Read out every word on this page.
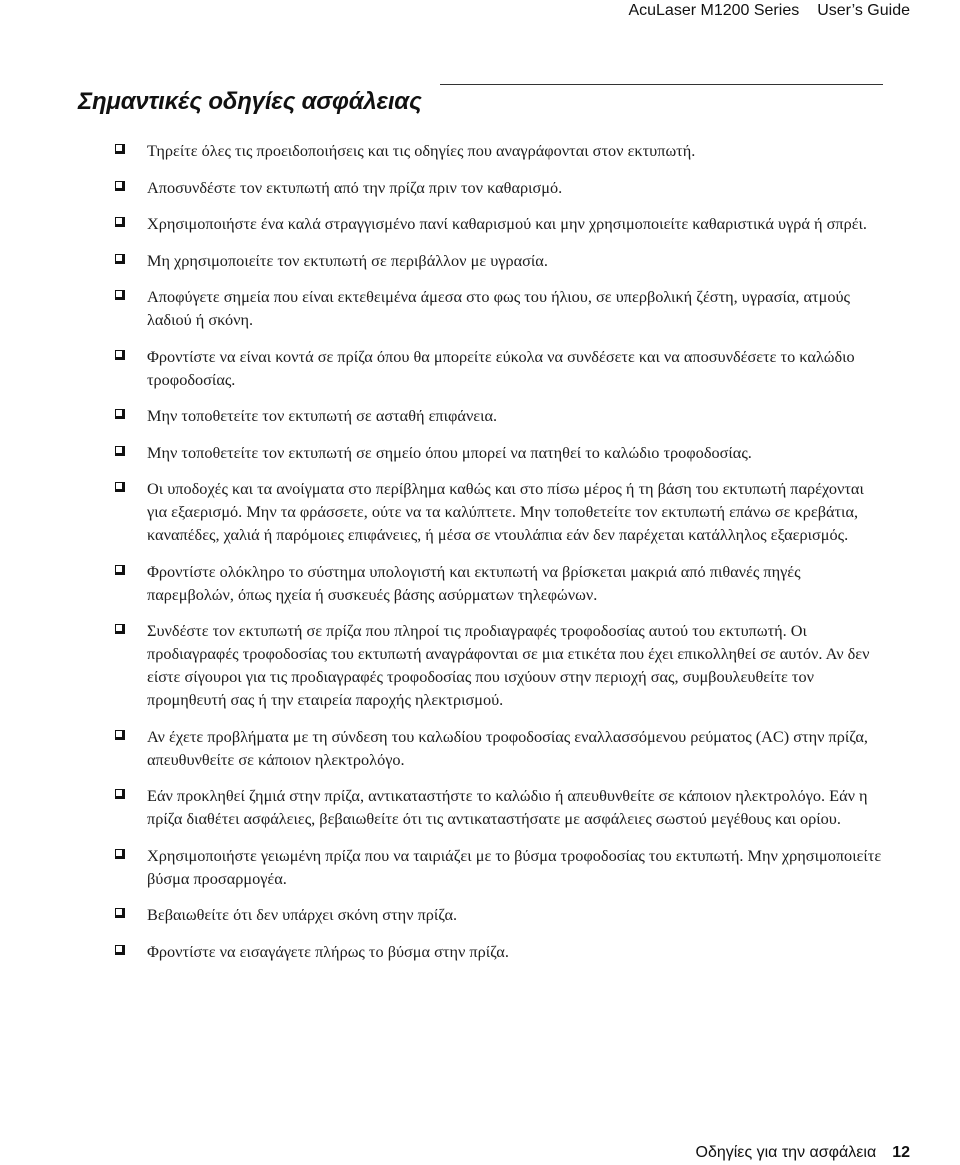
AcuLaser M1200 Series User’s Guide
Σημαντικές οδηγίες ασφάλειας
Τηρείτε όλες τις προειδοποιήσεις και τις οδηγίες που αναγράφονται στον εκτυπωτή.
Αποσυνδέστε τον εκτυπωτή από την πρίζα πριν τον καθαρισμό.
Χρησιμοποιήστε ένα καλά στραγγισμένο πανί καθαρισμού και μην χρησιμοποιείτε καθαριστικά υγρά ή σπρέι.
Μη χρησιμοποιείτε τον εκτυπωτή σε περιβάλλον με υγρασία.
Αποφύγετε σημεία που είναι εκτεθειμένα άμεσα στο φως του ήλιου, σε υπερβολική ζέστη, υγρασία, ατμούς λαδιού ή σκόνη.
Φροντίστε να είναι κοντά σε πρίζα όπου θα μπορείτε εύκολα να συνδέσετε και να αποσυνδέσετε το καλώδιο τροφοδοσίας.
Μην τοποθετείτε τον εκτυπωτή σε ασταθή επιφάνεια.
Μην τοποθετείτε τον εκτυπωτή σε σημείο όπου μπορεί να πατηθεί το καλώδιο τροφοδοσίας.
Οι υποδοχές και τα ανοίγματα στο περίβλημα καθώς και στο πίσω μέρος ή τη βάση του εκτυπωτή παρέχονται για εξαερισμό. Μην τα φράσσετε, ούτε να τα καλύπτετε. Μην τοποθετείτε τον εκτυπωτή επάνω σε κρεβάτια, καναπέδες, χαλιά ή παρόμοιες επιφάνειες, ή μέσα σε ντουλάπια εάν δεν παρέχεται κατάλληλος εξαερισμός.
Φροντίστε ολόκληρο το σύστημα υπολογιστή και εκτυπωτή να βρίσκεται μακριά από πιθανές πηγές παρεμβολών, όπως ηχεία ή συσκευές βάσης ασύρματων τηλεφώνων.
Συνδέστε τον εκτυπωτή σε πρίζα που πληροί τις προδιαγραφές τροφοδοσίας αυτού του εκτυπωτή. Οι προδιαγραφές τροφοδοσίας του εκτυπωτή αναγράφονται σε μια ετικέτα που έχει επικολληθεί σε αυτόν. Αν δεν είστε σίγουροι για τις προδιαγραφές τροφοδοσίας που ισχύουν στην περιοχή σας, συμβουλευθείτε τον προμηθευτή σας ή την εταιρεία παροχής ηλεκτρισμού.
Αν έχετε προβλήματα με τη σύνδεση του καλωδίου τροφοδοσίας εναλλασσόμενου ρεύματος (AC) στην πρίζα, απευθυνθείτε σε κάποιον ηλεκτρολόγο.
Εάν προκληθεί ζημιά στην πρίζα, αντικαταστήστε το καλώδιο ή απευθυνθείτε σε κάποιον ηλεκτρολόγο. Εάν η πρίζα διαθέτει ασφάλειες, βεβαιωθείτε ότι τις αντικαταστήσατε με ασφάλειες σωστού μεγέθους και ορίου.
Χρησιμοποιήστε γειωμένη πρίζα που να ταιριάζει με το βύσμα τροφοδοσίας του εκτυπωτή. Μην χρησιμοποιείτε βύσμα προσαρμογέα.
Βεβαιωθείτε ότι δεν υπάρχει σκόνη στην πρίζα.
Φροντίστε να εισαγάγετε πλήρως το βύσμα στην πρίζα.
Οδηγίες για την ασφάλεια 12
